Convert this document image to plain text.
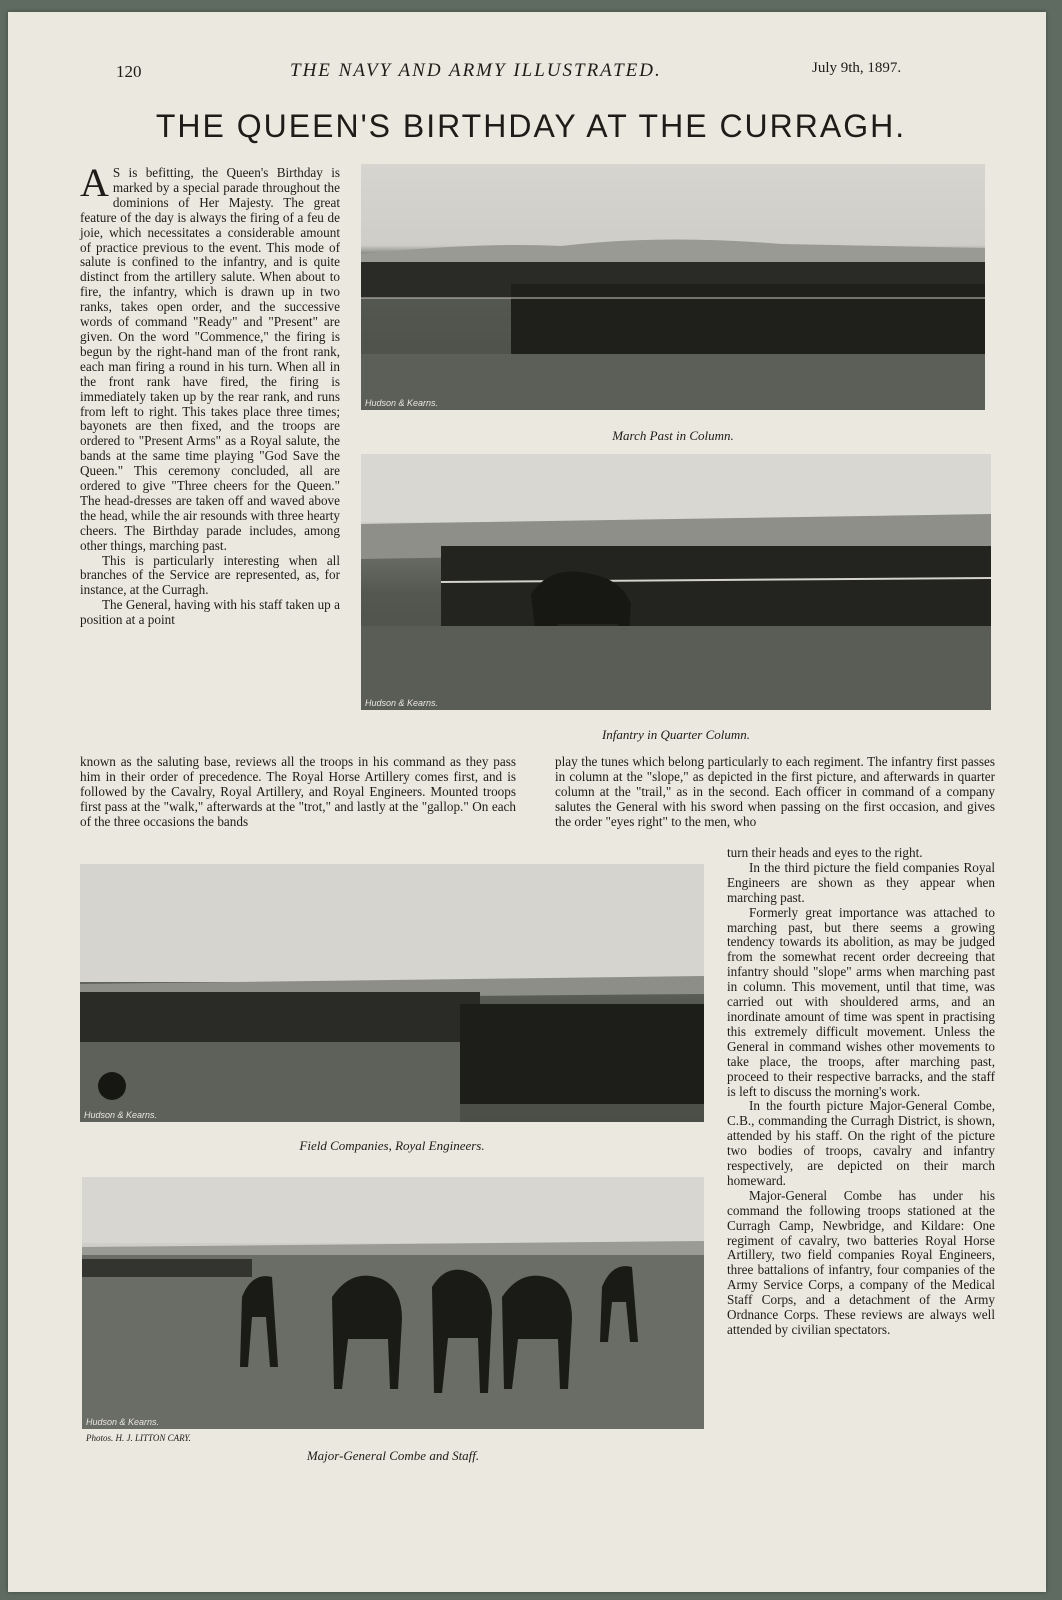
120	THE NAVY AND ARMY ILLUSTRATED.	July 9th, 1897.
THE QUEEN'S BIRTHDAY AT THE CURRAGH.

A S is befitting, the Queen's Birthday is marked by a special parade throughout the dominions of Her Majesty. The great feature of the day is always the firing of a feu de joie, which necessitates a considerable amount of practice previous to the event. This mode of salute is confined to the infantry, and is quite distinct from the artillery salute. When about to fire, the infantry, which is drawn up in two ranks, takes open order, and the successive words of command "Ready" and "Present" are given. On the word "Commence," the firing is begun by the right-hand man of the front rank, each man firing a round in his turn. When all in the front rank have fired, the firing is immediately taken up by the rear rank, and runs from left to right. This takes place three times; bayonets are then fixed, and the troops are ordered to "Present Arms" as a Royal salute, the bands at the same time playing "God Save the Queen." This ceremony concluded, all are ordered to give "Three cheers for the Queen." The head-dresses are taken off and waved above the head, while the air resounds with three hearty cheers. The Birthday parade includes, among other things, marching past.

This is particularly interesting when all branches of the Service are represented, as, for instance, at the Curragh.

The General, having with his staff taken up a position at a point

Hudson & Kearns.
March Past in Column.
Hudson & Kearns.
Infantry in Quarter Column.
known as the saluting base, reviews all the troops in his command as they pass him in their order of precedence. The Royal Horse Artillery comes first, and is followed by the Cavalry, Royal Artillery, and Royal Engineers. Mounted troops first pass at the "walk," afterwards at the "trot," and lastly at the "gallop." On each of the three occasions the bands
play the tunes which belong particularly to each regiment. The infantry first passes in column at the "slope," as depicted in the first picture, and afterwards in quarter column at the "trail," as in the second. Each officer in command of a company salutes the General with his sword when passing on the first occasion, and gives the order "eyes right" to the men, who

turn their heads and eyes to the right.

In the third picture the field companies Royal Engineers are shown as they appear when marching past.

Formerly great importance was attached to marching past, but there seems a growing tendency towards its abolition, as may be judged from the somewhat recent order decreeing that infantry should "slope" arms when marching past in column. This movement, until that time, was carried out with shouldered arms, and an inordinate amount of time was spent in practising this extremely difficult movement. Unless the General in command wishes other movements to take place, the troops, after marching past, proceed to their respective barracks, and the staff is left to discuss the morning's work.

In the fourth picture Major-General Combe, C.B., commanding the Curragh District, is shown, attended by his staff. On the right of the picture two bodies of troops, cavalry and infantry respectively, are depicted on their march homeward.

Major-General Combe has under his command the following troops stationed at the Curragh Camp, Newbridge, and Kildare: One regiment of cavalry, two batteries Royal Horse Artillery, two field companies Royal Engineers, three battalions of infantry, four companies of the Army Service Corps, a company of the Medical Staff Corps, and a detachment of the Army Ordnance Corps. These reviews are always well attended by civilian spectators.

Hudson & Kearns.
Field Companies, Royal Engineers.
Hudson & Kearns.
Photos. H. J. LITTON CARY.
Major-General Combe and Staff.
